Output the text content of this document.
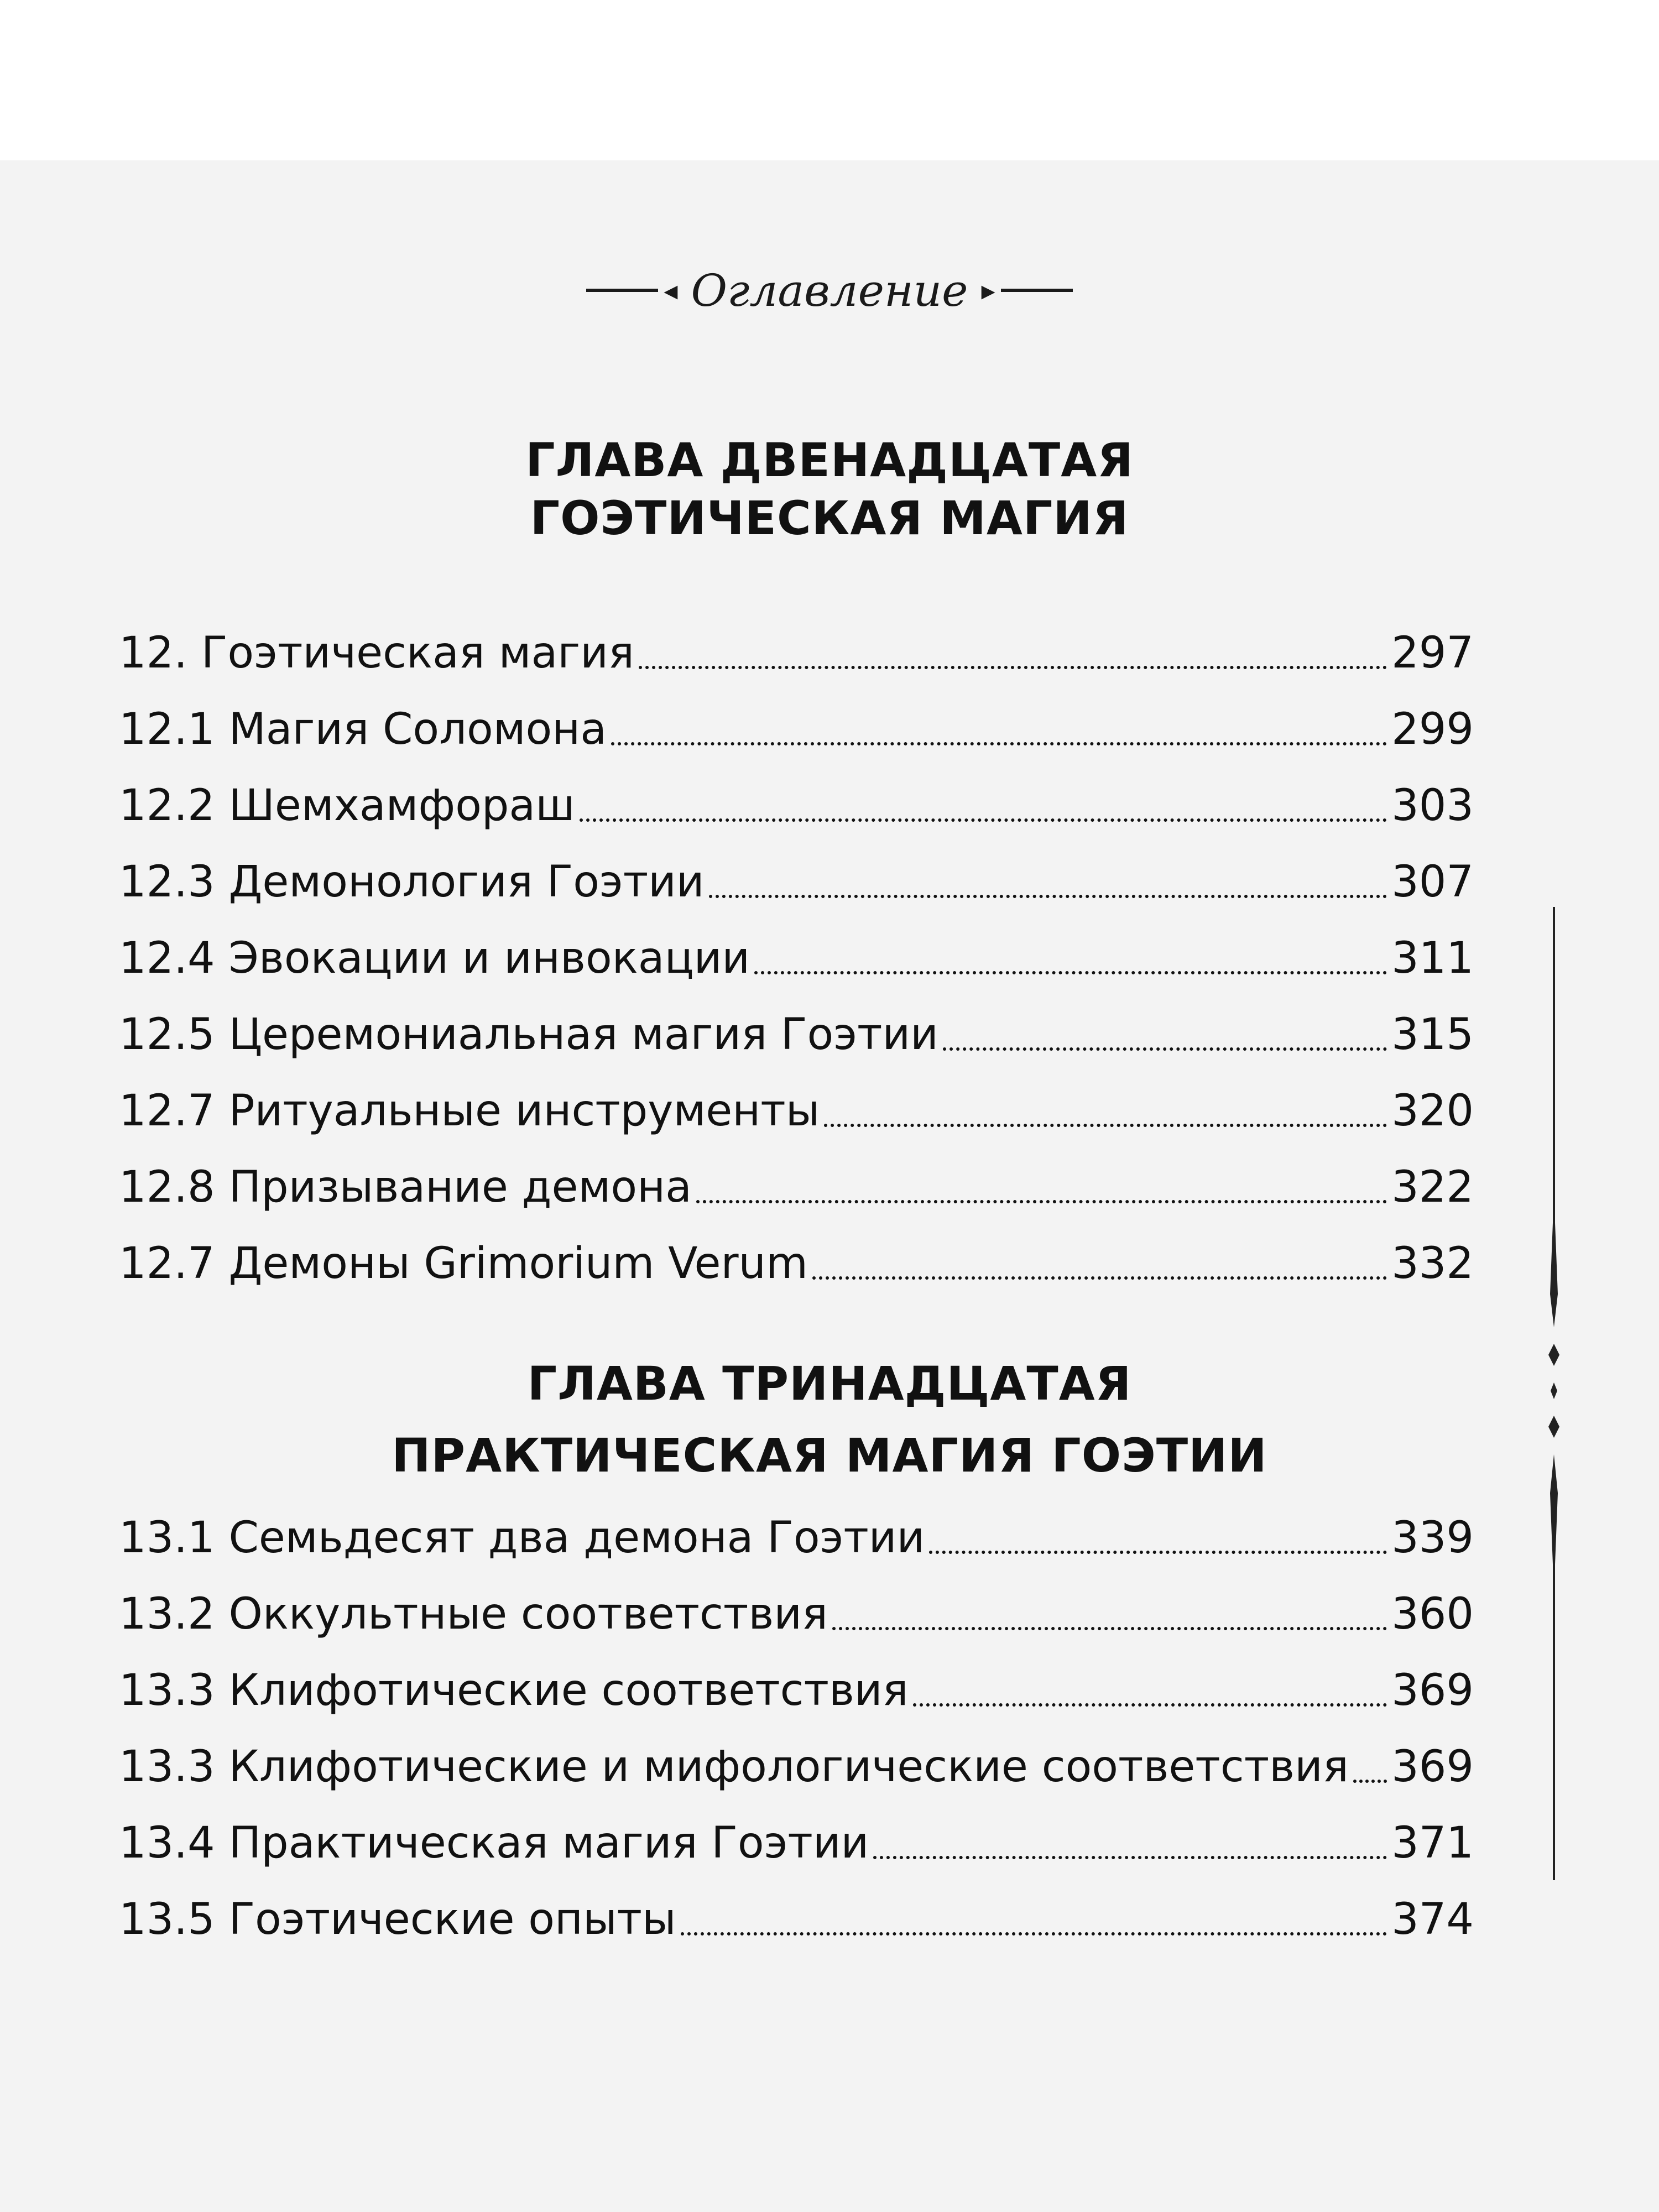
◂ Оглавление ▸
ГЛАВА ДВЕНАДЦАТАЯ
ГОЭТИЧЕСКАЯ МАГИЯ
12. Гоэтическая магия	297
12.1 Магия Соломона	299
12.2 Шемхамфораш	303
12.3 Демонология Гоэтии	307
12.4 Эвокации и инвокации	311
12.5 Церемониальная магия Гоэтии	315
12.7 Ритуальные инструменты	320
12.8 Призывание демона	322
12.7 Демоны Grimorium Verum	332
ГЛАВА ТРИНАДЦАТАЯ
ПРАКТИЧЕСКАЯ МАГИЯ ГОЭТИИ
13.1 Семьдесят два демона Гоэтии	339
13.2 Оккультные соответствия	360
13.3 Клифотические соответствия	369
13.3 Клифотические и мифологические соответствия 369
13.4 Практическая магия Гоэтии	371
13.5 Гоэтические опыты	374
